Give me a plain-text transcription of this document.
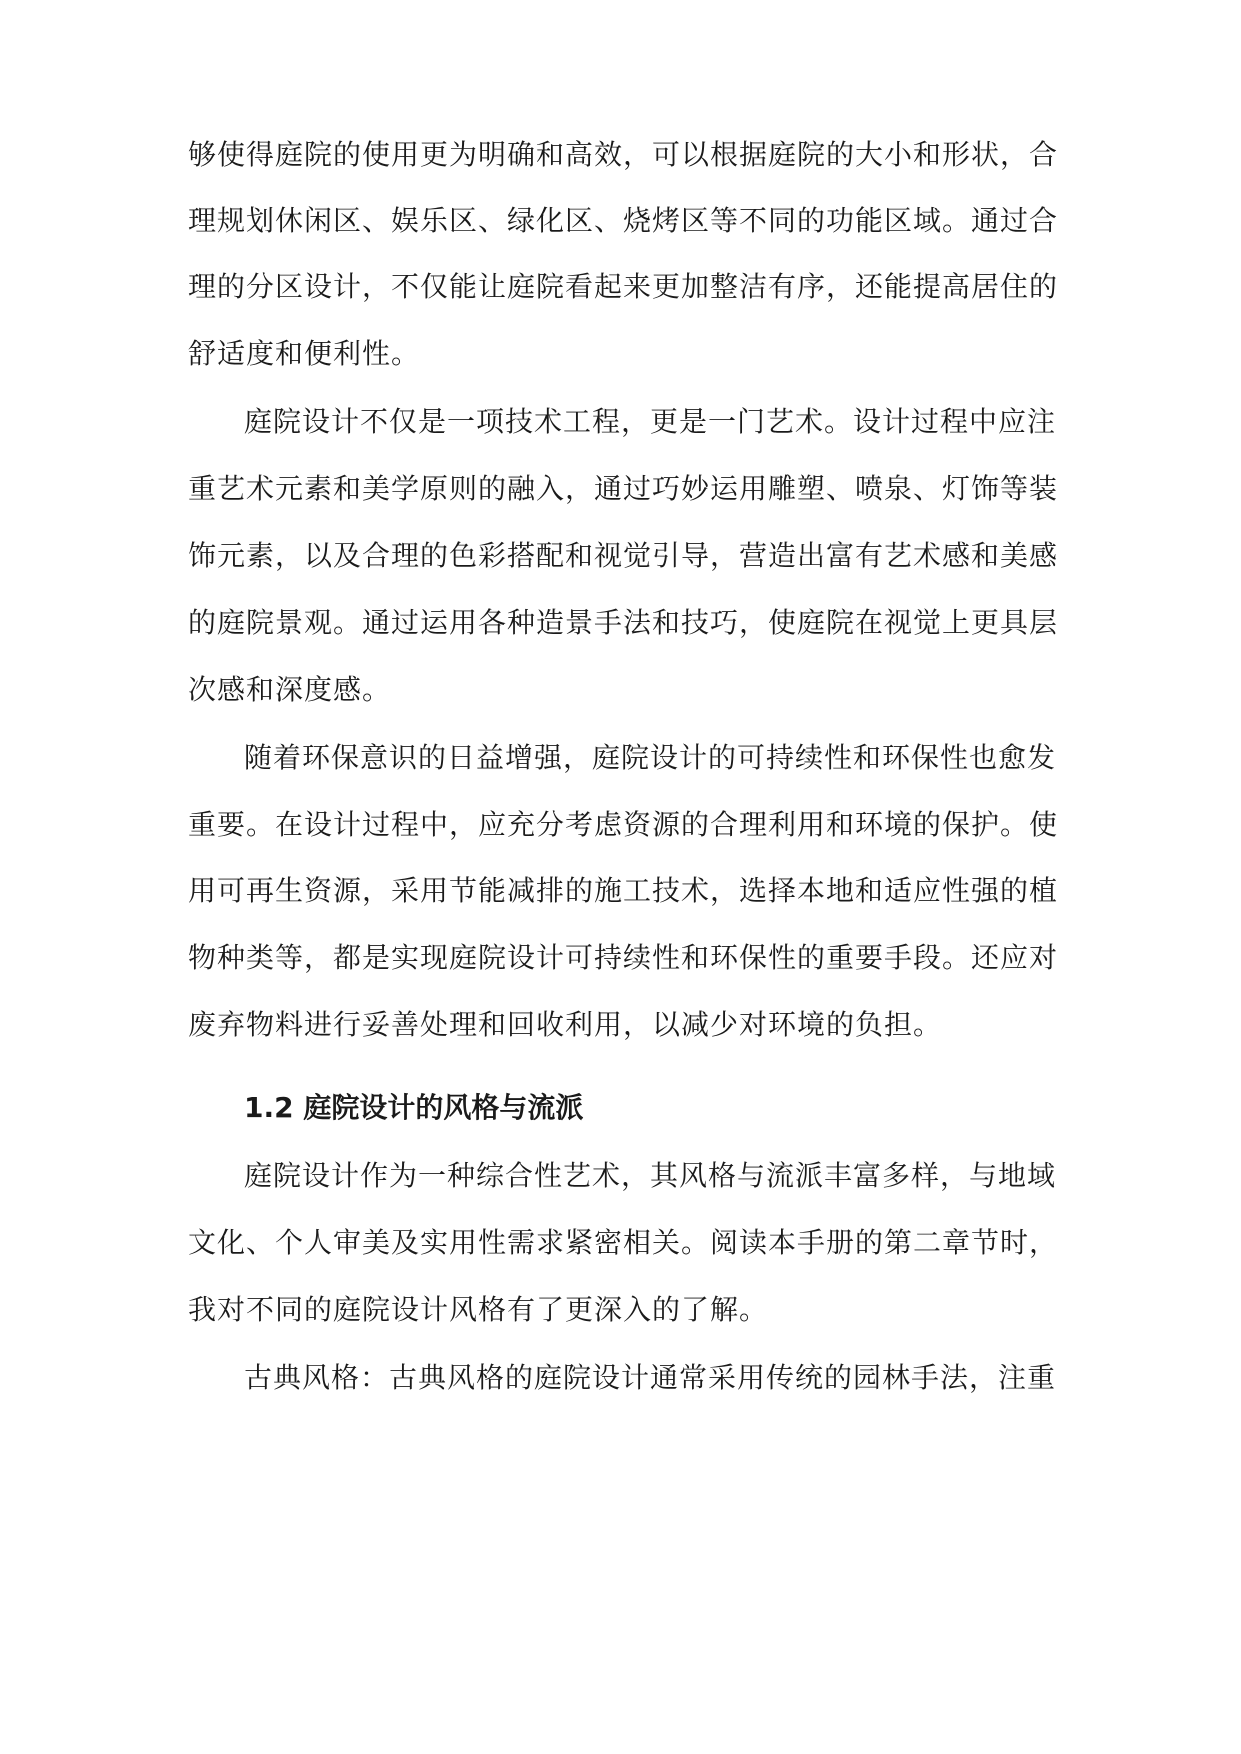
够使得庭院的使用更为明确和高效，可以根据庭院的大小和形状，合
理规划休闲区、娱乐区、绿化区、烧烤区等不同的功能区域。通过合
理的分区设计，不仅能让庭院看起来更加整洁有序，还能提高居住的
舒适度和便利性。
庭院设计不仅是一项技术工程，更是一门艺术。设计过程中应注
重艺术元素和美学原则的融入，通过巧妙运用雕塑、喷泉、灯饰等装
饰元素，以及合理的色彩搭配和视觉引导，营造出富有艺术感和美感
的庭院景观。通过运用各种造景手法和技巧，使庭院在视觉上更具层
次感和深度感。
随着环保意识的日益增强，庭院设计的可持续性和环保性也愈发
重要。在设计过程中，应充分考虑资源的合理利用和环境的保护。使
用可再生资源，采用节能减排的施工技术，选择本地和适应性强的植
物种类等，都是实现庭院设计可持续性和环保性的重要手段。还应对
废弃物料进行妥善处理和回收利用，以减少对环境的负担。
1.2 庭院设计的风格与流派
庭院设计作为一种综合性艺术，其风格与流派丰富多样，与地域
文化、个人审美及实用性需求紧密相关。阅读本手册的第二章节时，
我对不同的庭院设计风格有了更深入的了解。
古典风格：古典风格的庭院设计通常采用传统的园林手法，注重
